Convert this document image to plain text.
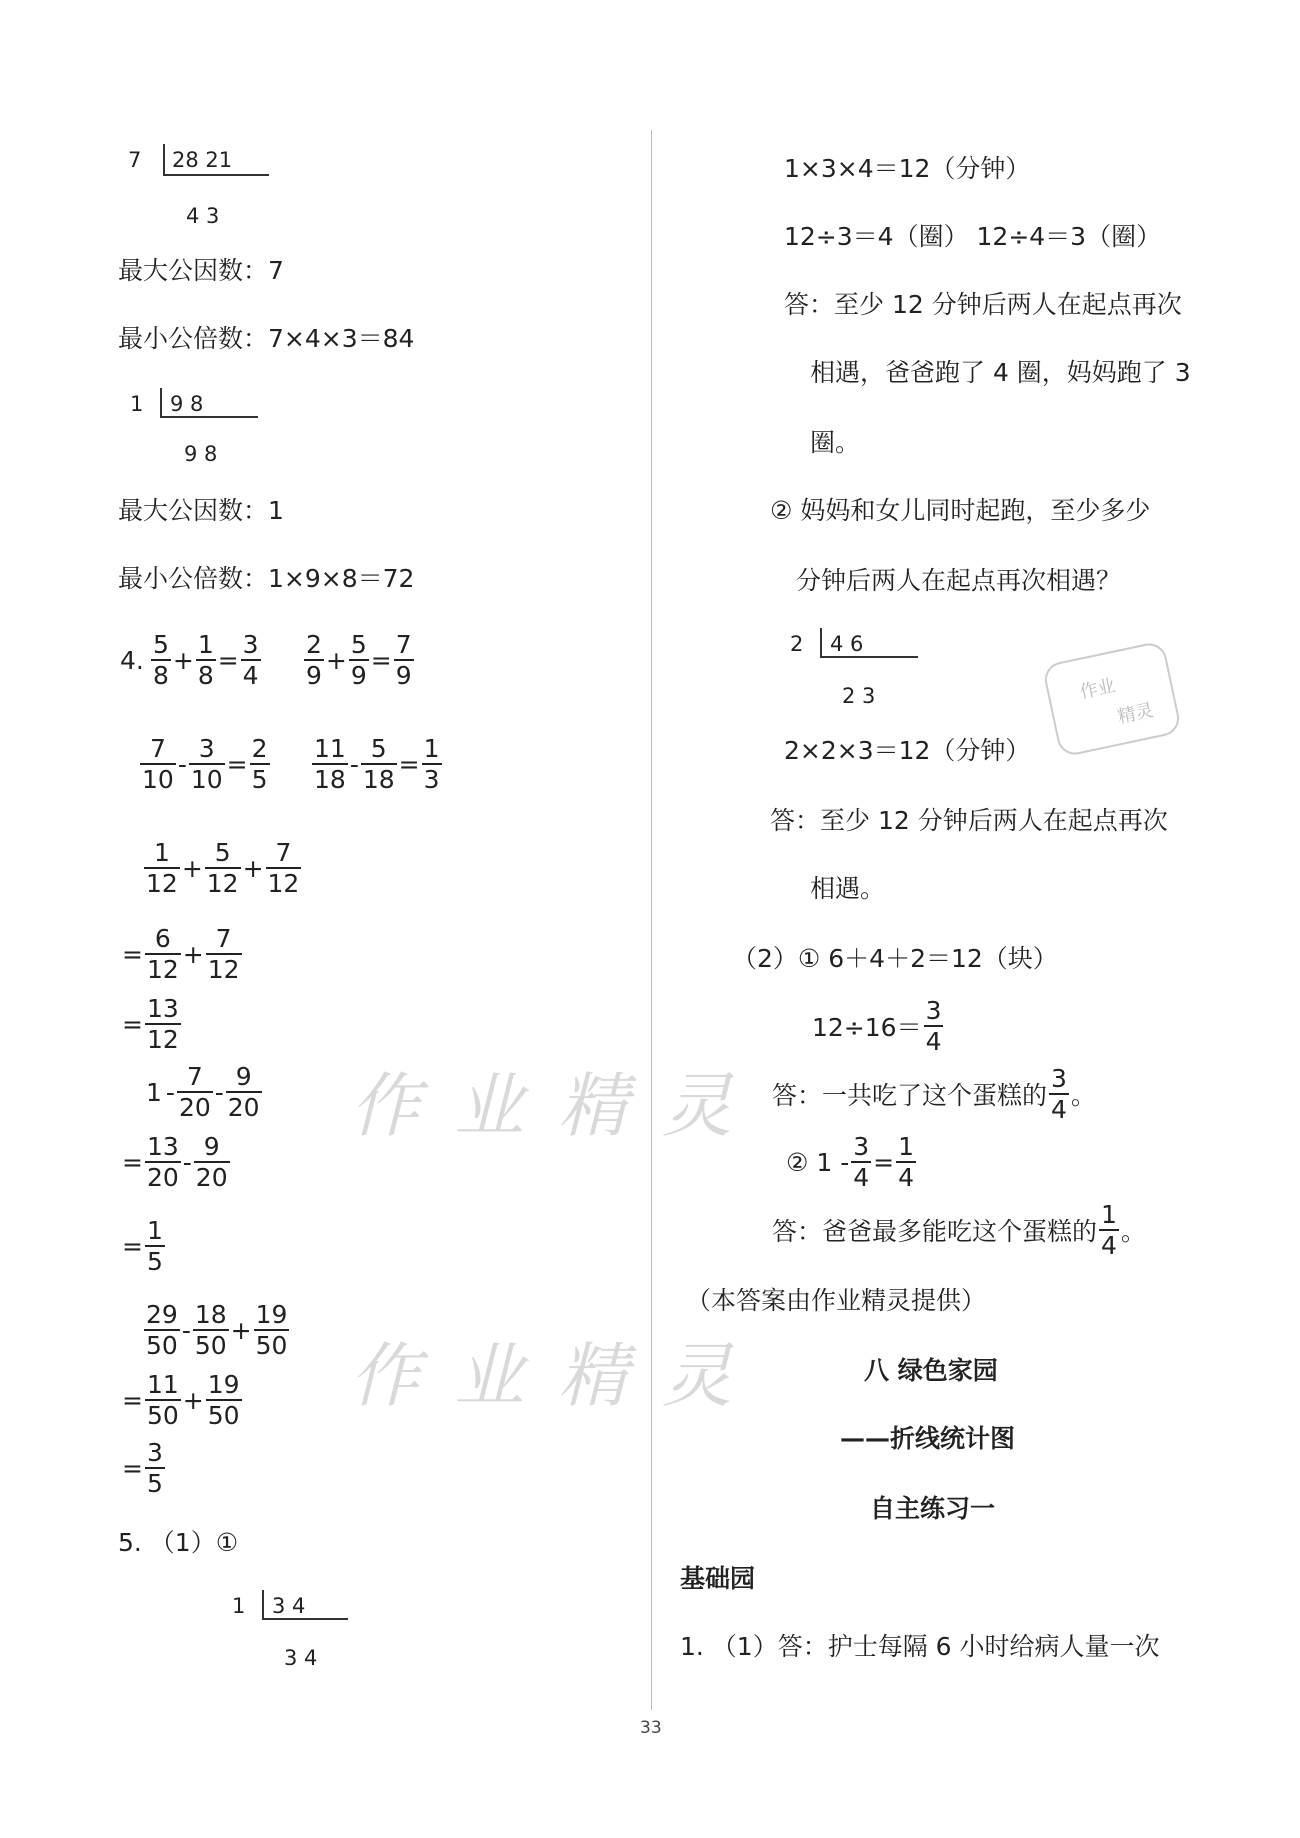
作业精灵
作业精灵
作业
精灵
7 28 21
4 3
最大公因数：7
最小公倍数：7×4×3＝84
1 9 8
9 8
最大公因数：1
最小公倍数：1×9×8＝72
4. $\frac{5}{8} + \frac{1}{8} = \frac{3}{4} \frac{2}{9} + \frac{5}{9} = \frac{7}{9}$
$\frac{7}{10} - \frac{3}{10} = \frac{2}{5} \frac{11}{18} - \frac{5}{18} = \frac{1}{3}$
$\frac{1}{12} + \frac{5}{12} + \frac{7}{12}$
= $\frac{6}{12} + \frac{7}{12}$
= $\frac{13}{12}$
$1 - \frac{7}{20} - \frac{9}{20}$
= $\frac{13}{20} - \frac{9}{20}$
= $\frac{1}{5}$
$\frac{29}{50} - \frac{18}{50} + \frac{19}{50}$
= $\frac{11}{50} + \frac{19}{50}$
= $\frac{3}{5}$
5. （1）①
1 3 4
3 4
1×3×4＝12（分钟）
12÷3＝4（圈） 12÷4＝3（圈）
答：至少 12 分钟后两人在起点再次
相遇，爸爸跑了 4 圈，妈妈跑了 3
圈。
② 妈妈和女儿同时起跑，至少多少
分钟后两人在起点再次相遇？
2 4 6
2 3
2×2×3＝12（分钟）
答：至少 12 分钟后两人在起点再次
相遇。
（2）① 6＋4＋2＝12（块）
$12\div 16= \frac{3}{4}$
答：一共吃了这个蛋糕的 $\frac{3}{4}$ 。
② $1 - \frac{3}{4} = \frac{1}{4}$
答：爸爸最多能吃这个蛋糕的 $\frac{1}{4}$ 。
（本答案由作业精灵提供）
八 绿色家园
——折线统计图
自主练习一
基础园
1. （1）答：护士每隔 6 小时给病人量一次
33
